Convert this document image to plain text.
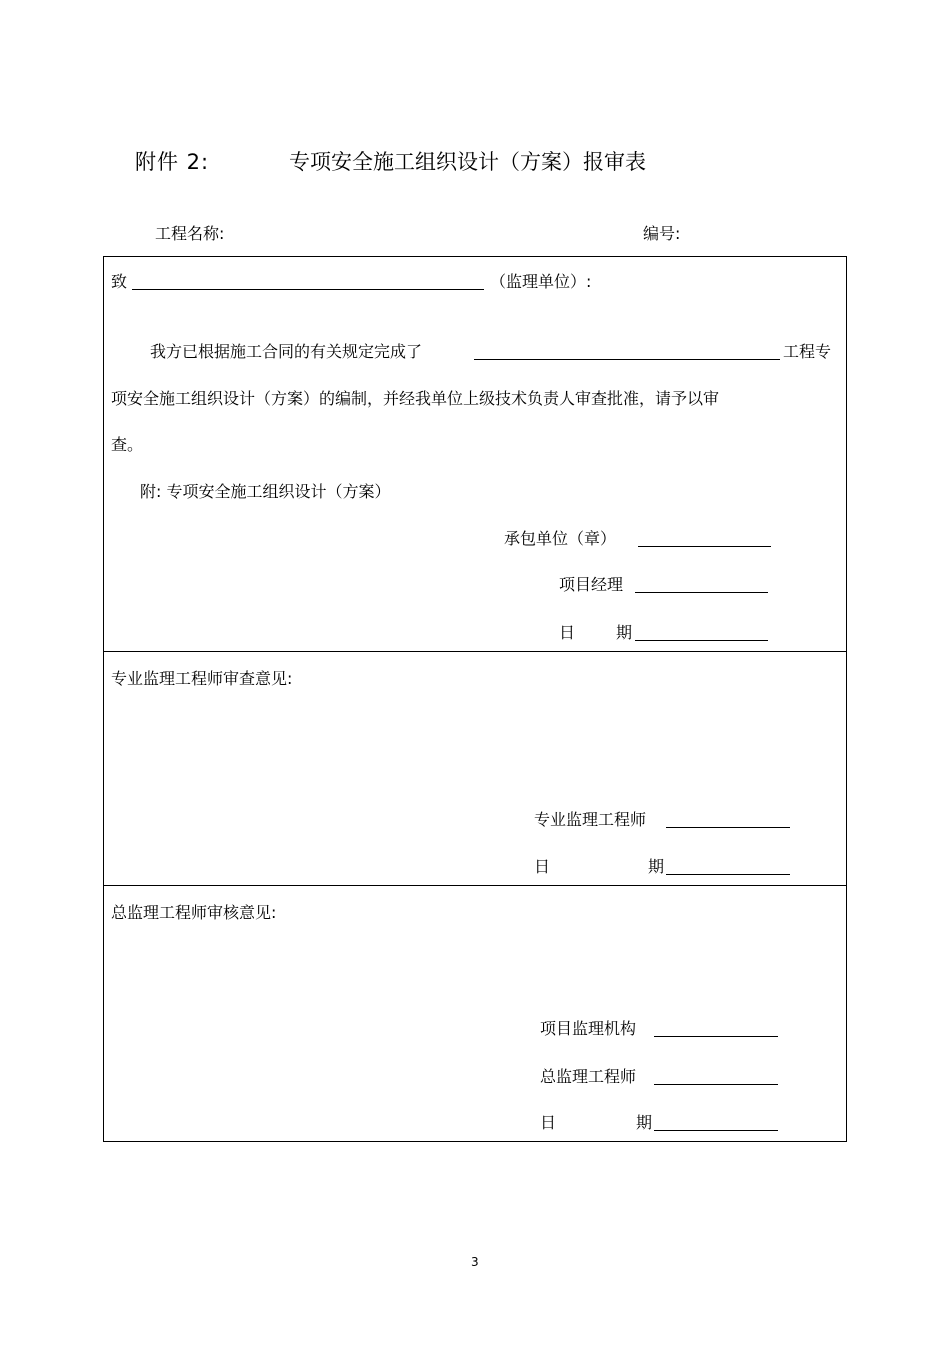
附件 2:	专项安全施工组织设计（方案）报审表
工程名称:	编号:
致	（监理单位）:
我方已根据施工合同的有关规定完成了	工程专
项安全施工组织设计（方案）的编制，并经我单位上级技术负责人审查批准，请予以审
查。
附: 专项安全施工组织设计（方案）
承包单位（章）
项目经理
日	期
专业监理工程师审查意见:
专业监理工程师
日	期
总监理工程师审核意见:
项目监理机构
总监理工程师
日	期
3
